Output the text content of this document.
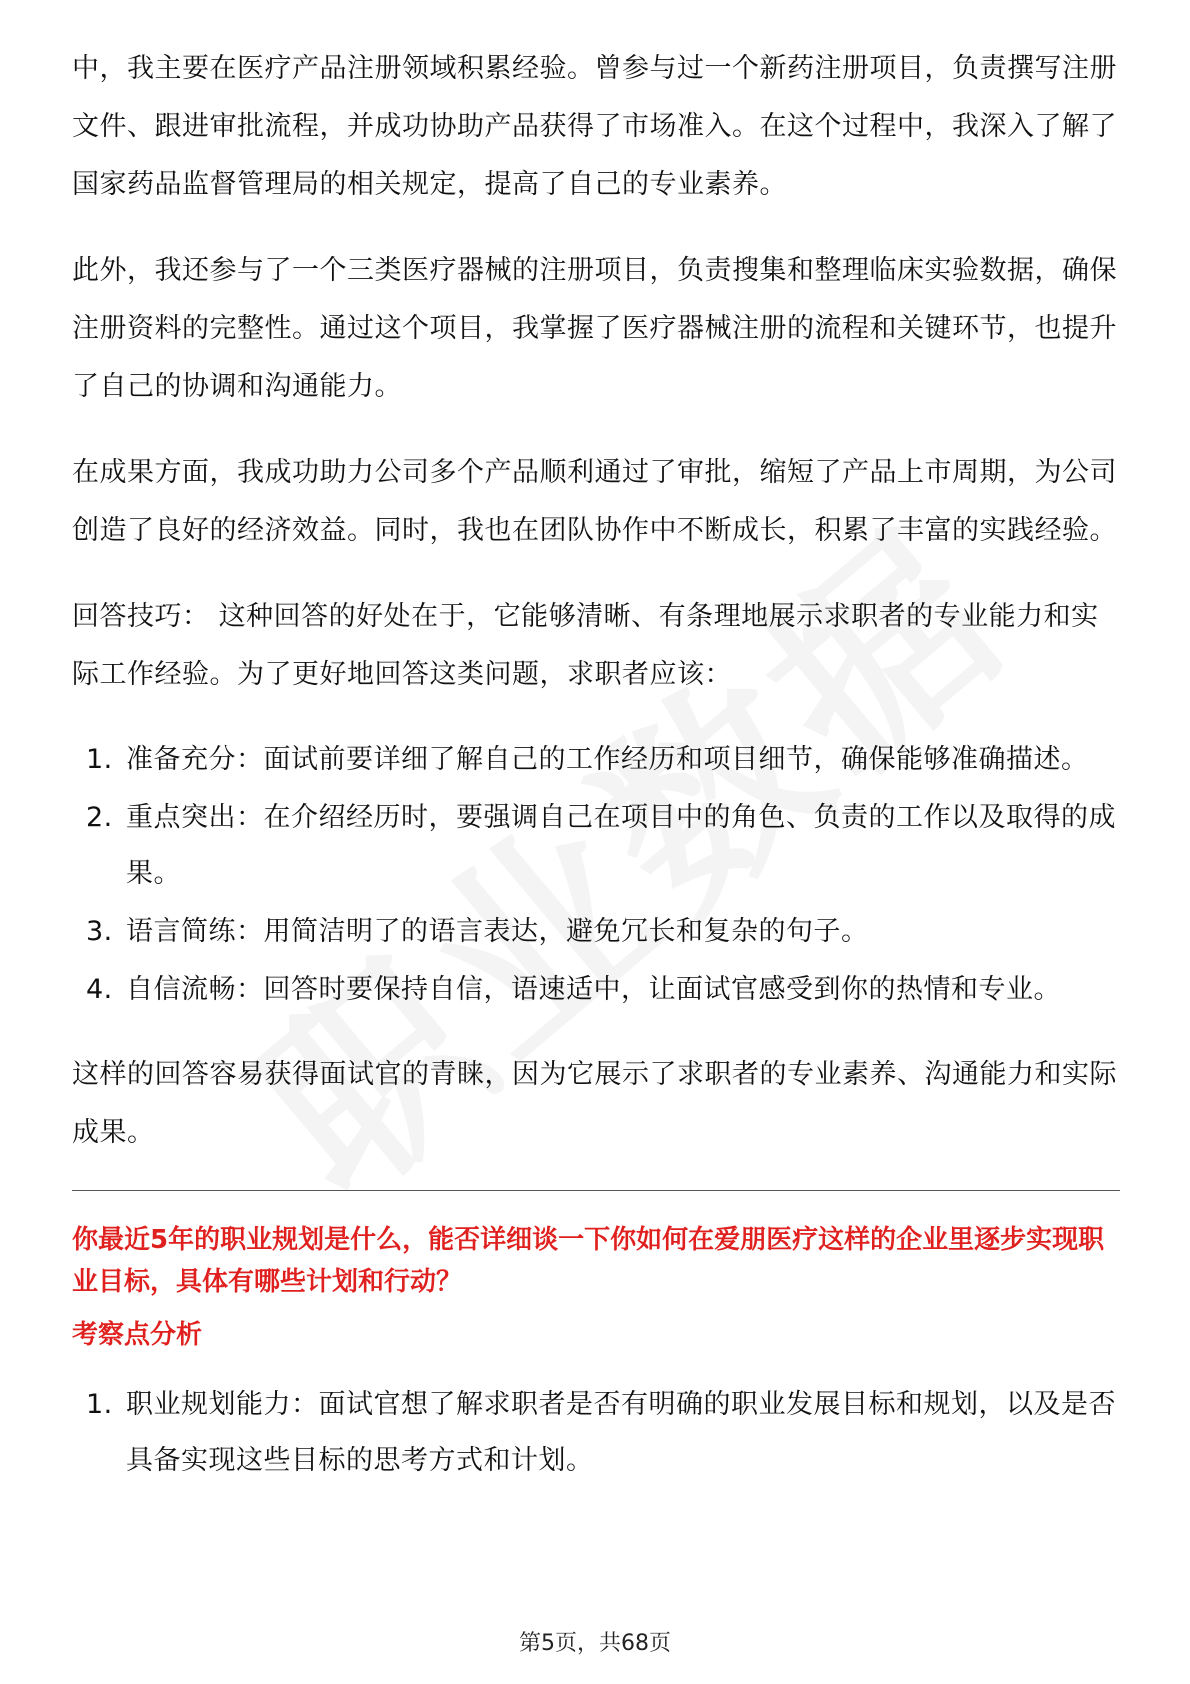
中，我主要在医疗产品注册领域积累经验。曾参与过一个新药注册项目，负责撰写注册文件、跟进审批流程，并成功协助产品获得了市场准入。在这个过程中，我深入了解了国家药品监督管理局的相关规定，提高了自己的专业素养。

此外，我还参与了一个三类医疗器械的注册项目，负责搜集和整理临床实验数据，确保注册资料的完整性。通过这个项目，我掌握了医疗器械注册的流程和关键环节，也提升了自己的协调和沟通能力。

在成果方面，我成功助力公司多个产品顺利通过了审批，缩短了产品上市周期，为公司创造了良好的经济效益。同时，我也在团队协作中不断成长，积累了丰富的实践经验。

回答技巧： 这种回答的好处在于，它能够清晰、有条理地展示求职者的专业能力和实际工作经验。为了更好地回答这类问题，求职者应该：

1. 准备充分：面试前要详细了解自己的工作经历和项目细节，确保能够准确描述。
2. 重点突出：在介绍经历时，要强调自己在项目中的角色、负责的工作以及取得的成果。
3. 语言简练：用简洁明了的语言表达，避免冗长和复杂的句子。
4. 自信流畅：回答时要保持自信，语速适中，让面试官感受到你的热情和专业。

这样的回答容易获得面试官的青睐，因为它展示了求职者的专业素养、沟通能力和实际成果。

你最近5年的职业规划是什么，能否详细谈一下你如何在爱朋医疗这样的企业里逐步实现职业目标，具体有哪些计划和行动？
考察点分析
1. 职业规划能力：面试官想了解求职者是否有明确的职业发展目标和规划，以及是否具备实现这些目标的思考方式和计划。
第5页，共68页
